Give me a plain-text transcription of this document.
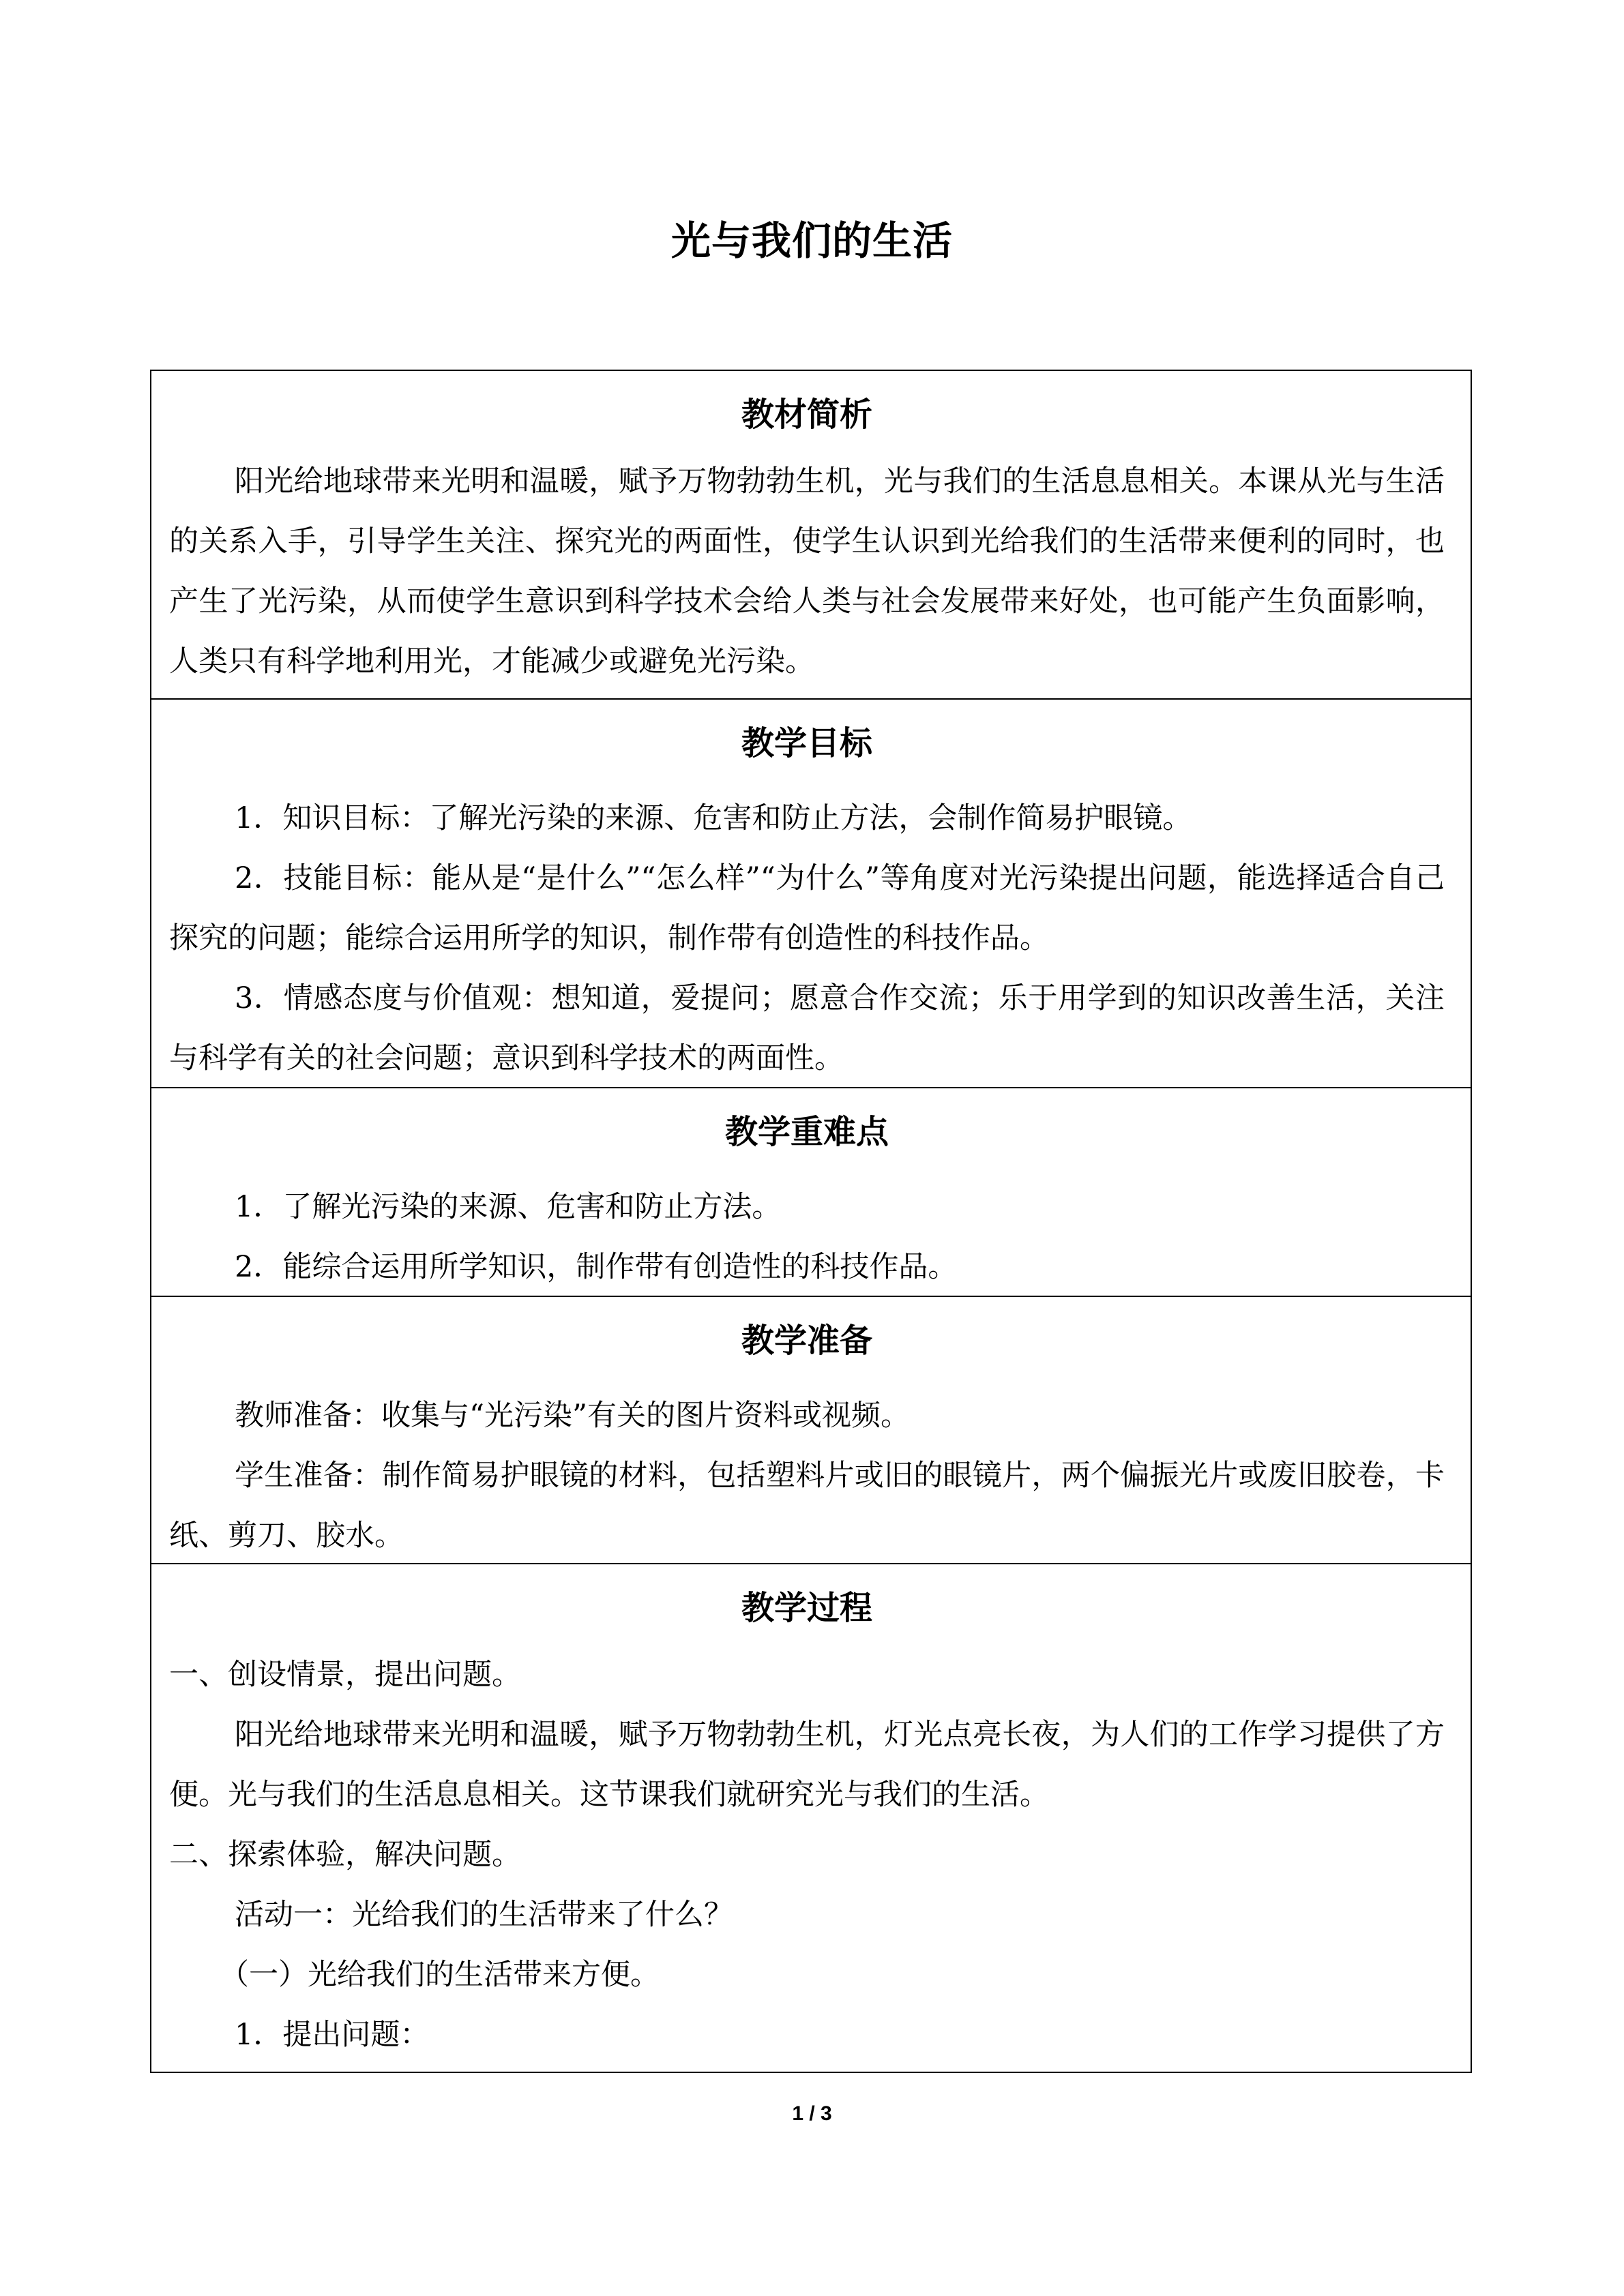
光与我们的生活
教材简析

阳光给地球带来光明和温暖，赋予万物勃勃生机，光与我们的生活息息相关。本课从光与生活的关系入手，引导学生关注、探究光的两面性，使学生认识到光给我们的生活带来便利的同时，也产生了光污染，从而使学生意识到科学技术会给人类与社会发展带来好处，也可能产生负面影响，人类只有科学地利用光，才能减少或避免光污染。

教学目标

1．知识目标：了解光污染的来源、危害和防止方法，会制作简易护眼镜。

2．技能目标：能从是“是什么”“怎么样”“为什么”等角度对光污染提出问题，能选择适合自己探究的问题；能综合运用所学的知识，制作带有创造性的科技作品。

3．情感态度与价值观：想知道，爱提问；愿意合作交流；乐于用学到的知识改善生活，关注与科学有关的社会问题；意识到科学技术的两面性。

教学重难点

1．了解光污染的来源、危害和防止方法。

2．能综合运用所学知识，制作带有创造性的科技作品。

教学准备

教师准备：收集与“光污染”有关的图片资料或视频。

学生准备：制作简易护眼镜的材料，包括塑料片或旧的眼镜片，两个偏振光片或废旧胶卷，卡纸、剪刀、胶水。

教学过程

一、创设情景，提出问题。

阳光给地球带来光明和温暖，赋予万物勃勃生机，灯光点亮长夜，为人们的工作学习提供了方便。光与我们的生活息息相关。这节课我们就研究光与我们的生活。

二、探索体验，解决问题。

活动一：光给我们的生活带来了什么？

（一）光给我们的生活带来方便。

1．提出问题：

1 / 3
